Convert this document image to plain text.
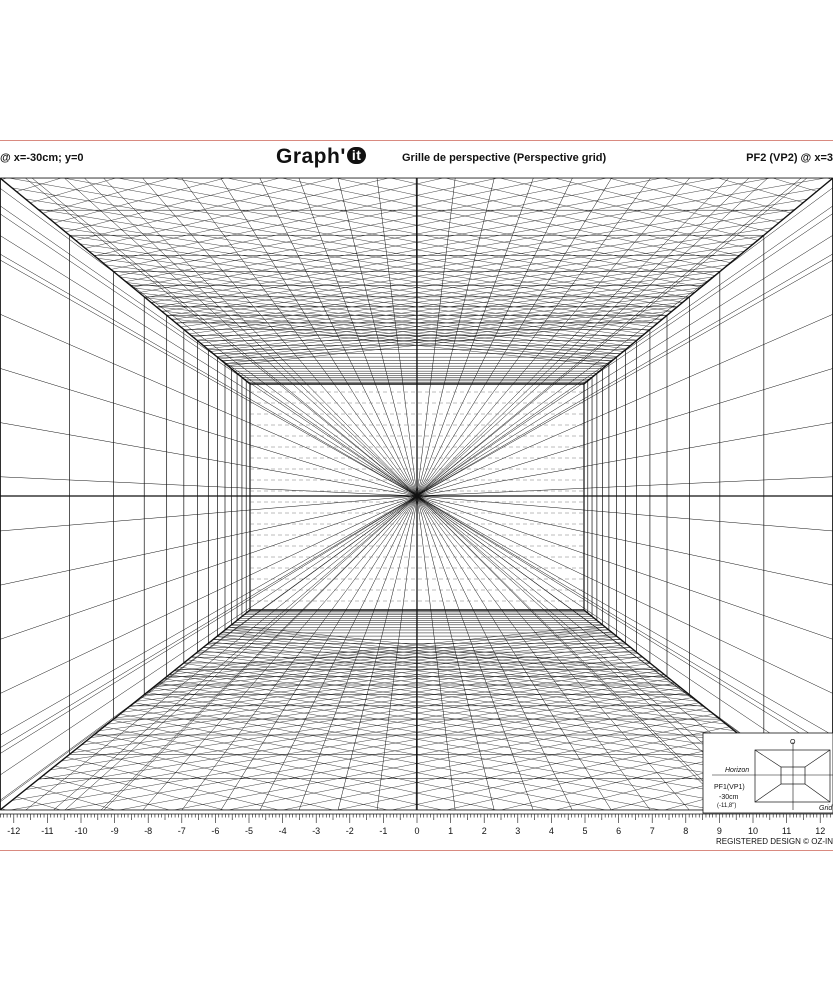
@ x=-30cm; y=0	Graph' it	Grille de perspective (Perspective grid)	PF2 (VP2) @ x=3
-12 -11 -10	-9	-8	-7	-6	-5	-4	-3	-2	-1	0	1	2	3	4	5	6	7	8	9	10	11	12
REGISTERED DESIGN © OZ-IN
O
Horizon
PF1(VP1)
-30cm
(-11,8")	Grid
